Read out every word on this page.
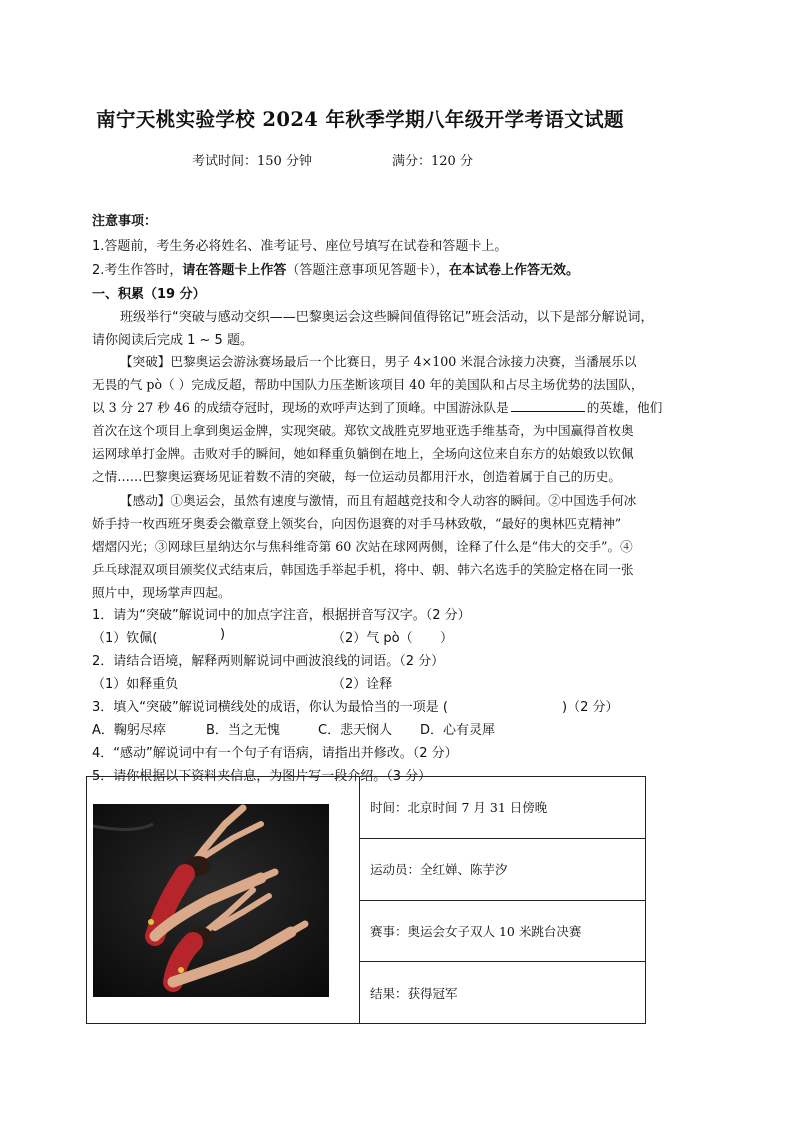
南宁天桃实验学校 2024 年秋季学期八年级开学考语文试题
考试时间：150 分钟	满分：120 分
注意事项：
1.答题前，考生务必将姓名、准考证号、座位号填写在试卷和答题卡上。
2.考生作答时，请在答题卡上作答（答题注意事项见答题卡），在本试卷上作答无效。
一、积累（19 分）
班级举行“突破与感动交织——巴黎奥运会这些瞬间值得铭记”班会活动，以下是部分解说词，
请你阅读后完成 1 ~ 5 题。
【突破】巴黎奥运会游泳赛场最后一个比赛日，男子 4×100 米混合泳接力决赛，当潘展乐以
无畏的气 pò（ ）完成反超，帮助中国队力压垄断该项目 40 年的美国队和占尽主场优势的法国队，
以 3 分 27 秒 46 的成绩夺冠时，现场的欢呼声达到了顶峰。中国游泳队是	的英雄，他们
首次在这个项目上拿到奥运金牌，实现突破。郑钦文战胜克罗地亚选手维基奇，为中国赢得首枚奥
运网球单打金牌。击败对手的瞬间，她如释重负躺倒在地上，全场向这位来自东方的姑娘致以钦佩
之情……巴黎奥运赛场见证着数不清的突破，每一位运动员都用汗水，创造着属于自己的历史。
【感动】①奥运会，虽然有速度与激情，而且有超越竞技和令人动容的瞬间。②中国选手何冰
娇手持一枚西班牙奥委会徽章登上领奖台，向因伤退赛的对手马林致敬，“最好的奥林匹克精神”
熠熠闪光；③网球巨星纳达尔与焦科维奇第 60 次站在球网两侧，诠释了什么是“伟大的交手”。④
乒乓球混双项目颁奖仪式结束后，韩国选手举起手机，将中、朝、韩六名选手的笑脸定格在同一张
照片中，现场掌声四起。
1．请为“突破”解说词中的加点字注音，根据拼音写汉字。（2 分）
（1）钦佩(	)	（2）气 pò（ ）
2．请结合语境，解释两则解说词中画波浪线的词语。（2 分）
（1）如释重负	（2）诠释
3．填入“突破”解说词横线处的成语，你认为最恰当的一项是 (	)（2 分）
A．鞠躬尽瘁	B．当之无愧	C．悲天悯人 D．心有灵犀
4．“感动”解说词中有一个句子有语病，请指出并修改。（2 分）
5．请你根据以下资料夹信息，为图片写一段介绍。（3 分）
	时间：北京时间 7 月 31 日傍晚
运动员：全红婵、陈芋汐
赛事：奥运会女子双人 10 米跳台决赛
结果：获得冠军
